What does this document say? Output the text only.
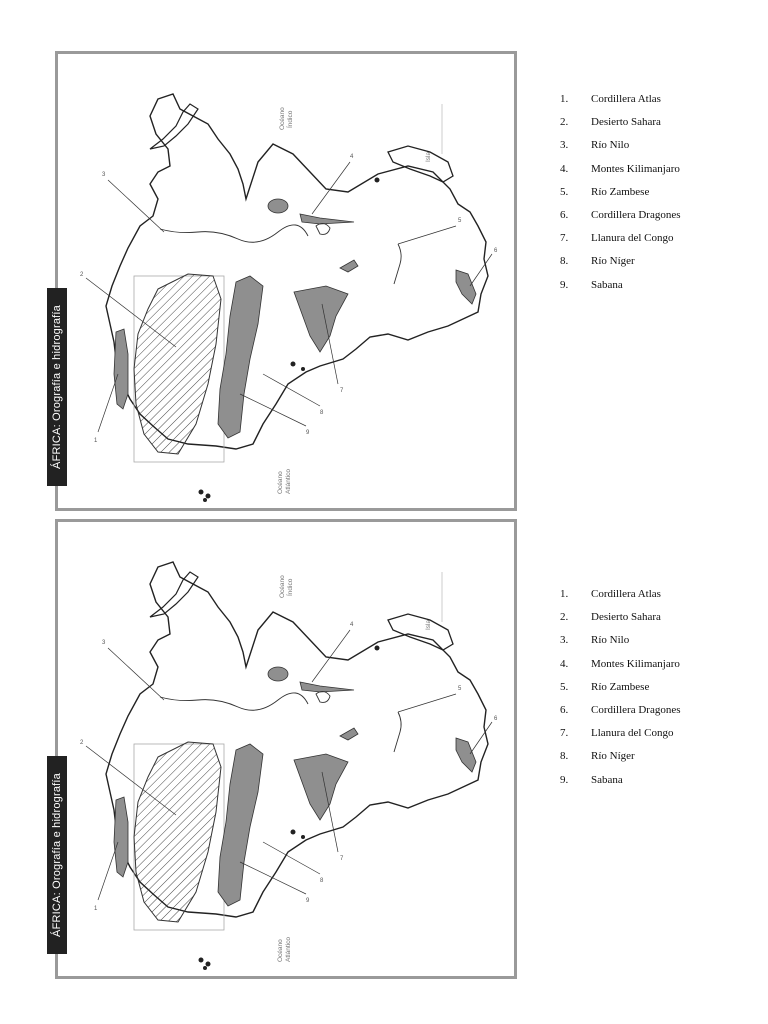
3
2
4
5
6
7
8
9
1
Océano Índico
Océano Atlántico
Isla
ÁFRICA: Orografía e hidrografía
1. Cordillera Atlas
2. Desierto Sahara
3. Río Nilo
4. Montes Kilimanjaro
5. Río Zambese
6. Cordillera Dragones
7. Llanura del Congo
8. Río Níger
9. Sabana
3
2
4
5
6
7
8
9
1
Océano Índico
Océano Atlántico
Isla
ÁFRICA: Orografía e hidrografía
1. Cordillera Atlas
2. Desierto Sahara
3. Río Nilo
4. Montes Kilimanjaro
5. Río Zambese
6. Cordillera Dragones
7. Llanura del Congo
8. Río Níger
9. Sabana
